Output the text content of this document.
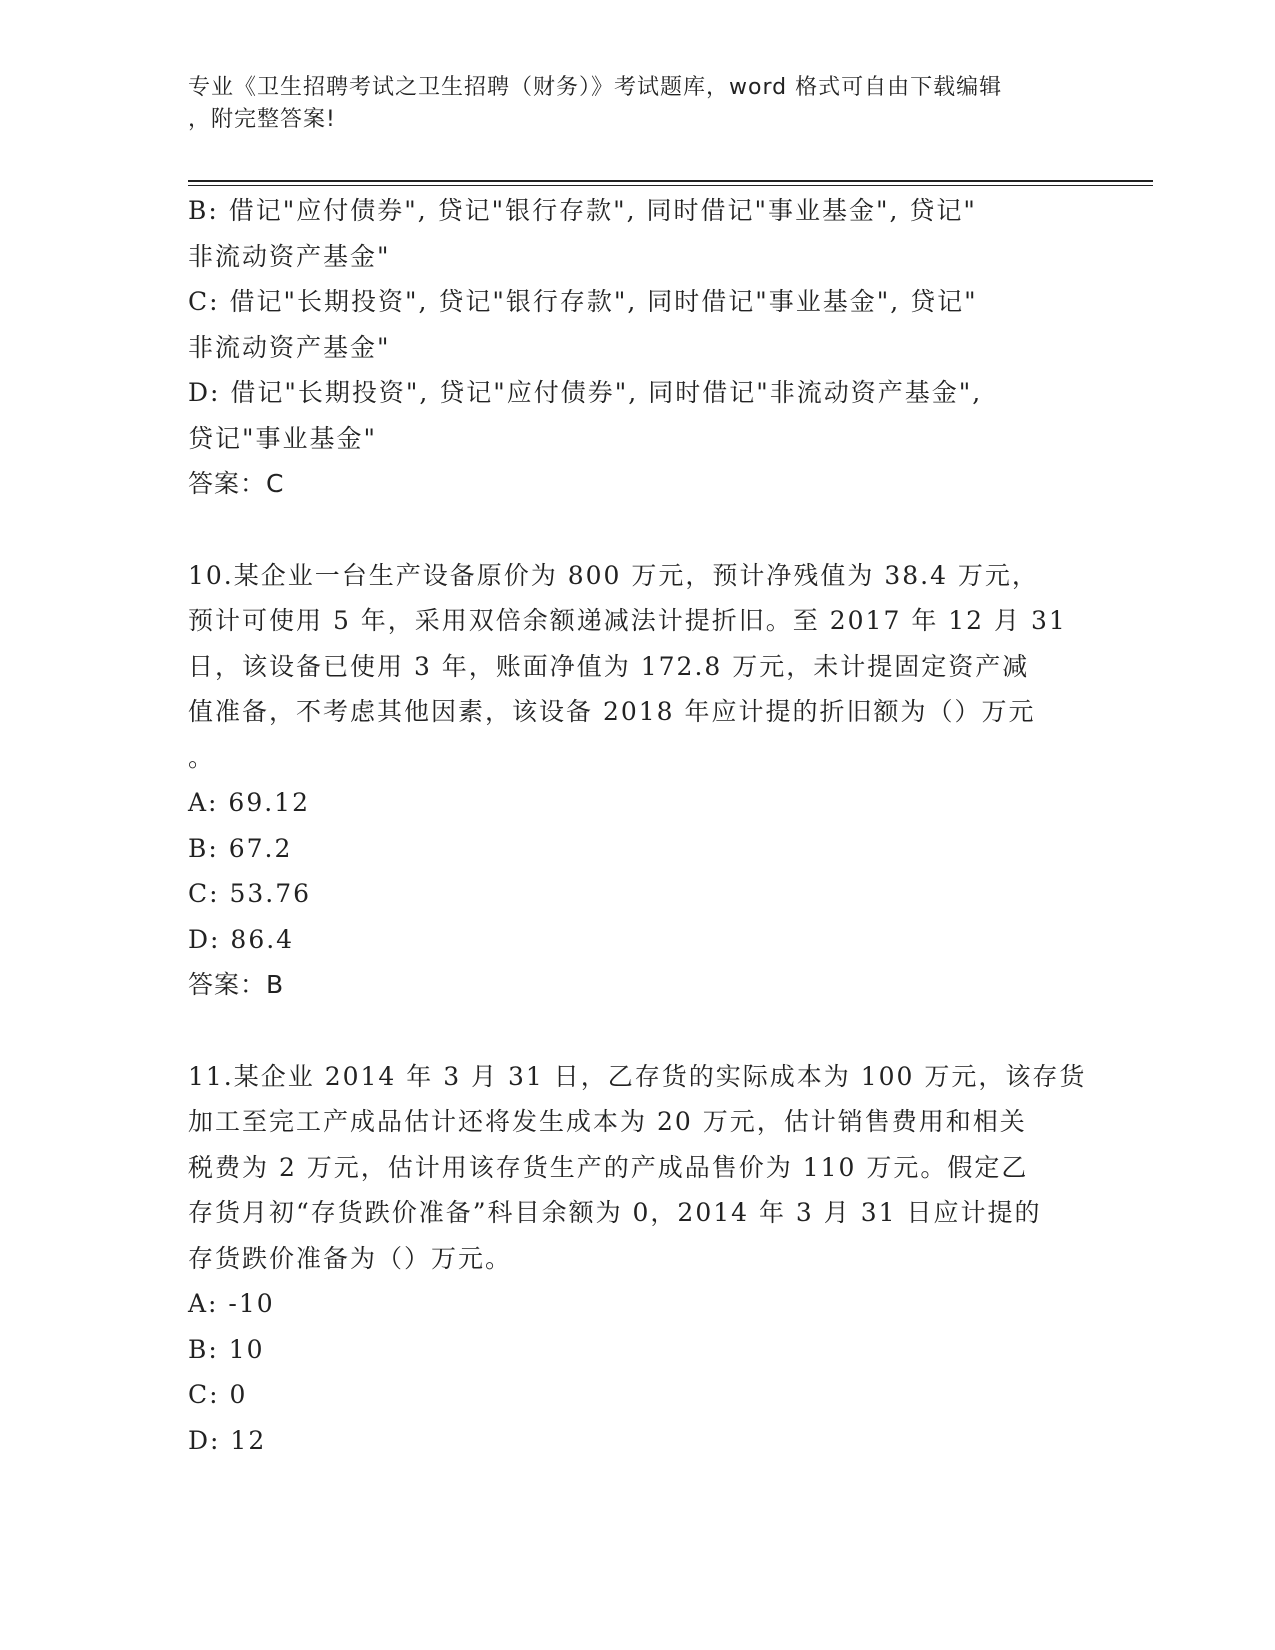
专业《卫生招聘考试之卫生招聘（财务）》考试题库，word 格式可自由下载编辑
，附完整答案!
B: 借记"应付债券", 贷记"银行存款", 同时借记"事业基金", 贷记"
非流动资产基金"
C: 借记"长期投资", 贷记"银行存款", 同时借记"事业基金", 贷记"
非流动资产基金"
D: 借记"长期投资", 贷记"应付债券", 同时借记"非流动资产基金",
贷记"事业基金"
答案：C
10.某企业一台生产设备原价为 800 万元，预计净残值为 38.4 万元，
预计可使用 5 年，采用双倍余额递减法计提折旧。至 2017 年 12 月 31
日，该设备已使用 3 年，账面净值为 172.8 万元，未计提固定资产减
值准备，不考虑其他因素，该设备 2018 年应计提的折旧额为（）万元
。
A: 69.12
B: 67.2
C: 53.76
D: 86.4
答案：B
11.某企业 2014 年 3 月 31 日，乙存货的实际成本为 100 万元，该存货
加工至完工产成品估计还将发生成本为 20 万元，估计销售费用和相关
税费为 2 万元，估计用该存货生产的产成品售价为 110 万元。假定乙
存货月初“存货跌价准备”科目余额为 0，2014 年 3 月 31 日应计提的
存货跌价准备为（）万元。
A: -10
B: 10
C: 0
D: 12
